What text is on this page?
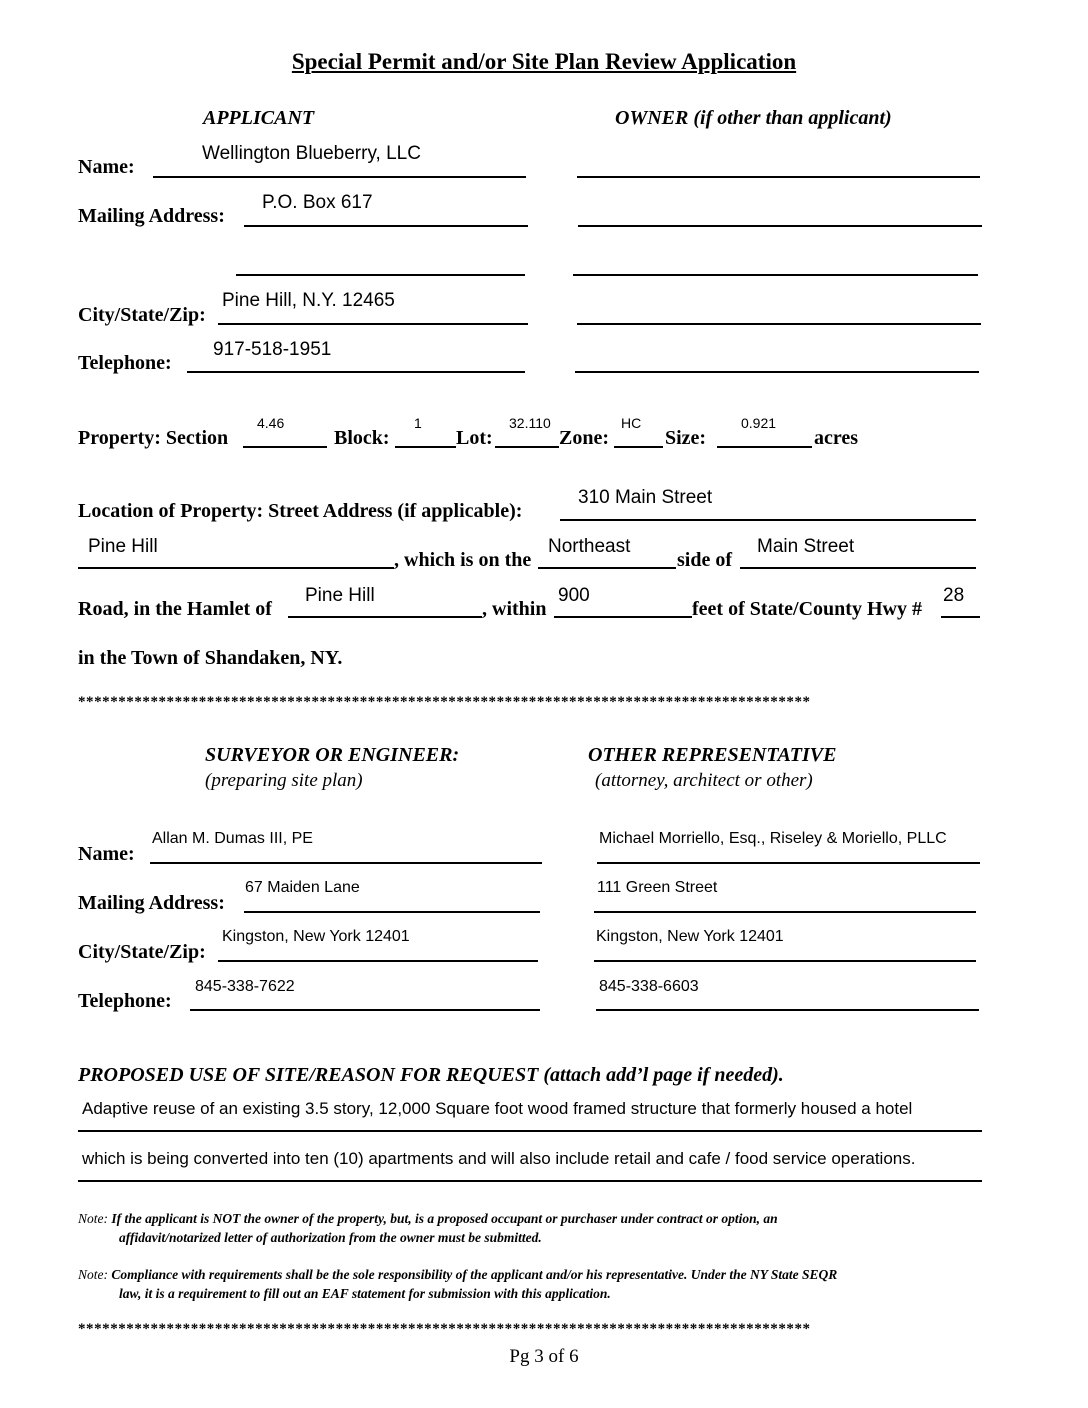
Special Permit and/or Site Plan Review Application
APPLICANT	OWNER (if other than applicant)
Name:
Wellington Blueberry, LLC
Mailing Address:
P.O. Box 617
City/State/Zip:
Pine Hill, N.Y. 12465
Telephone:
917-518-1951
Property: Section
4.46
Block:
1
Lot:
32.110
Zone:
HC
Size:
0.921
acres
Location of Property: Street Address (if applicable):
310 Main Street
Pine Hill
, which is on the
Northeast
side of
Main Street
Road, in the Hamlet of
Pine Hill
, within
900
feet of State/County Hwy #
28
in the Town of Shandaken, NY.
*******************************************************************************************
SURVEYOR OR ENGINEER:
(preparing site plan)
OTHER REPRESENTATIVE
(attorney, architect or other)
Name:
Allan M. Dumas III, PE	Michael Morriello, Esq., Riseley & Moriello, PLLC
Mailing Address:
67 Maiden Lane	111 Green Street
City/State/Zip:
Kingston, New York 12401	Kingston, New York 12401
Telephone:
845-338-7622	845-338-6603
PROPOSED USE OF SITE/REASON FOR REQUEST (attach add’l page if needed).
Adaptive reuse of an existing 3.5 story, 12,000 Square foot wood framed structure that formerly housed a hotel
which is being converted into ten (10) apartments and will also include retail and cafe / food service operations.
Note: If the applicant is NOT the owner of the property, but, is a proposed occupant or purchaser under contract or option, an
affidavit/notarized letter of authorization from the owner must be submitted.
Note: Compliance with requirements shall be the sole responsibility of the applicant and/or his representative. Under the NY State SEQR
law, it is a requirement to fill out an EAF statement for submission with this application.
*******************************************************************************************
Pg 3 of 6
